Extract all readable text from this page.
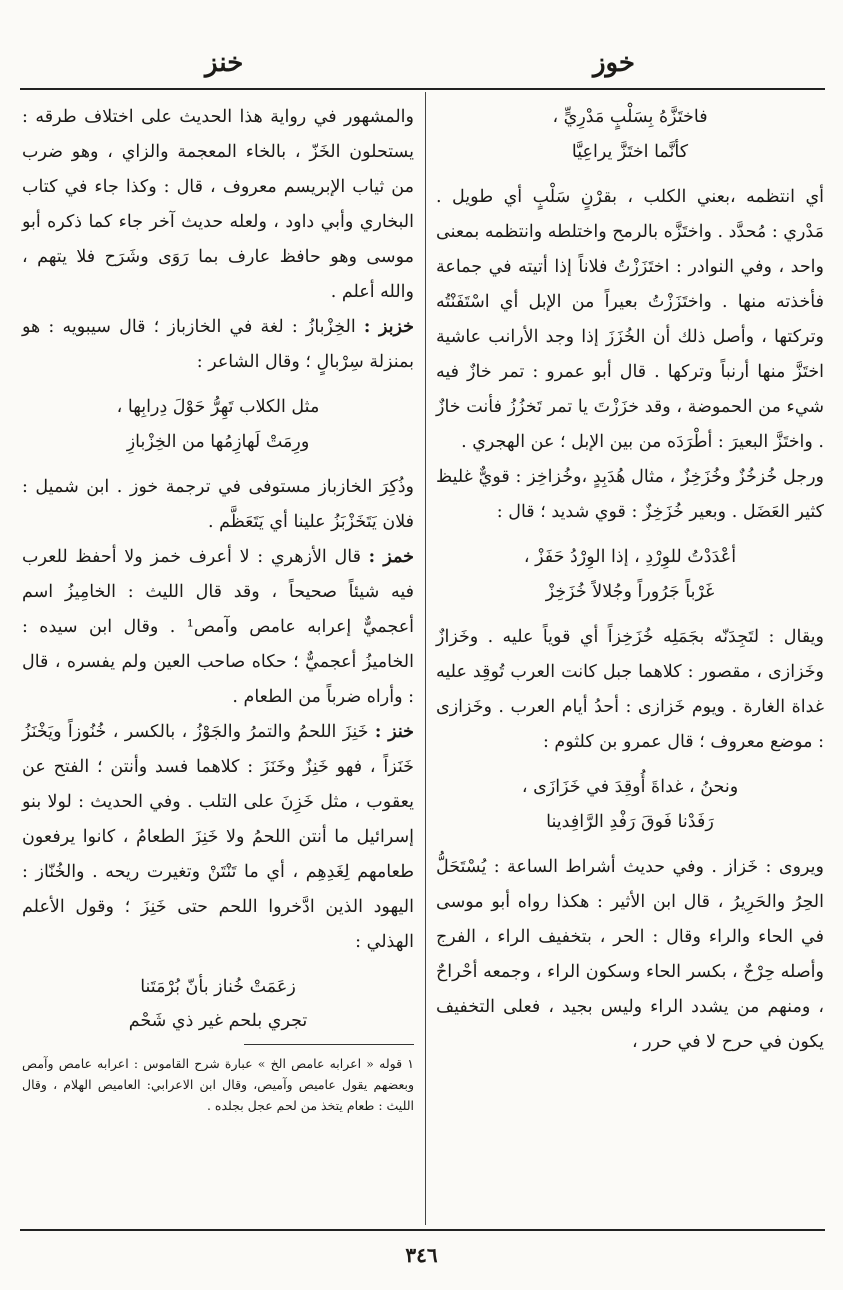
خوز
خنز

فاختَزَّهُ بِسَلْبٍ مَدْرِيٍّ ،

كأنَّما اختَزَّ يراعِيَّا

أي انتظمه ،بعني الكلب ، بقرْنٍ سَلْبٍ أي طويل . مَدْري : مُحدَّد . واختَزَّه بالرمح واختلطه وانتظمه بمعنى واحد ، وفي النوادر : اختَزَزْتُ فلاناً إذا أتيته في جماعة فأخذته منها . واختَزَزْتُ بعيراً من الإبل أي اسْتَفَنْتُه وتركتها ، وأصل ذلك أن الخُزَزَ إذا وجد الأرانب عاشية اختَزَّ منها أرنباً وتركها . قال أبو عمرو : تمر خازٌ فيه شيء من الحموضة ، وقد خزَزْتَ يا تمر تَخزُزُ فأنت خازٌ . واختَزَّ البعيرَ : أطْرَدَه من بين الإبل ؛ عن الهجري .

ورجل خُزخُزٌ وخُزَخِزٌ ، مثال هُدَبِدٍ ،وخُزاخِز : قويٌّ غليظ كثير العَضَل . وبعير خُزَخِزٌ : قوي شديد ؛ قال :

أعْدَدْتُ للوِرْدِ ، إذا الوِرْدُ حَفَزْ ،

غَرْباً جَرُوراً وجُلالاً خُزَخِزْ

ويقال : لتَجِدَنّه بجَمَلِه خُزَخِزاً أي قوياً عليه . وخَزازٌ وخَزازى ، مقصور : كلاهما جبل كانت العرب تُوقِد عليه غداة الغارة . ويوم خَزازى : أحدُ أيام العرب . وخَزازى : موضع معروف ؛ قال عمرو بن كلثوم :

ونحنُ ، غداةَ أُوقِدَ في خَزَازَى ،

رَفَدْنا فَوقَ رَفْدِ الرَّافِدينا

ويروى : خَزاز . وفي حديث أشراط الساعة : يُسْتَحَلُّ الحِرُ والحَرِيرُ ، قال ابن الأثير : هكذا رواه أبو موسى في الحاء والراء وقال : الحر ، بتخفيف الراء ، الفرج وأصله حِرْحٌ ، بكسر الحاء وسكون الراء ، وجمعه أحْراحٌ ، ومنهم من يشدد الراء وليس بجيد ، فعلى التخفيف يكون في حرح لا في حرر ،

والمشهور في رواية هذا الحديث على اختلاف طرقه : يستحلون الخَزّ ، بالخاء المعجمة والزاي ، وهو ضرب من ثياب الإبريسم معروف ، قال : وكذا جاء في كتاب البخاري وأبي داود ، ولعله حديث آخر جاء كما ذكره أبو موسى وهو حافظ عارف بما رَوَى وشَرَح فلا يتهم ، والله أعلم .

خزبز : الخِزْبازُ : لغة في الخازباز ؛ قال سيبويه : هو بمنزلة سِرْبالٍ ؛ وقال الشاعر :

مثل الكلاب تَهِرُّ حَوْلَ دِرابِها ،

ورِمَتْ لَهازِمُها من الخِزْبازِ

وذُكِرَ الخازباز مستوفى في ترجمة خوز . ابن شميل : فلان يَتَخَزْبَزُ علينا أي يَتَعَظَّم .

خمز : قال الأزهري : لا أعرف خمز ولا أحفظ للعرب فيه شيئاً صحيحاً ، وقد قال الليث : الخامِيزُ اسم أعجميٌّ إعرابه عامص وآمص¹ . وقال ابن سيده : الخاميزُ أعجميٌّ ؛ حكاه صاحب العين ولم يفسره ، قال : وأراه ضرباً من الطعام .

خنز : خَنِزَ اللحمُ والتمرُ والجَوْزُ ، بالكسر ، خُنُوزاً ويَخْنَزُ خَنَزاً ، فهو خَنِزٌ وخَنَزَ : كلاهما فسد وأنتن ؛ الفتح عن يعقوب ، مثل خَزِنَ على التلب . وفي الحديث : لولا بنو إسرائيل ما أنتن اللحمُ ولا خَنِزَ الطعامُ ، كانوا يرفعون طعامهم لِغَدِهِم ، أي ما تَنْتَنْ وتغيرت ريحه . والخُنّاز : اليهود الذين ادَّخروا اللحم حتى خَنِزَ ؛ وقول الأعلم الهذلي :

زعَمَتْ خُناز بأنّ بُرْمَتَنا

تجري بلحم غير ذي شَحْم

١ قوله « اعرابه عامص الخ » عبارة شرح القاموس : اعرابه عامص وآمص وبعضهم يقول عاميص وآميص، وقال ابن الاعرابي: العاميص الهلام ، وقال الليث : طعام يتخذ من لحم عجل بجلده .

٣٤٦
